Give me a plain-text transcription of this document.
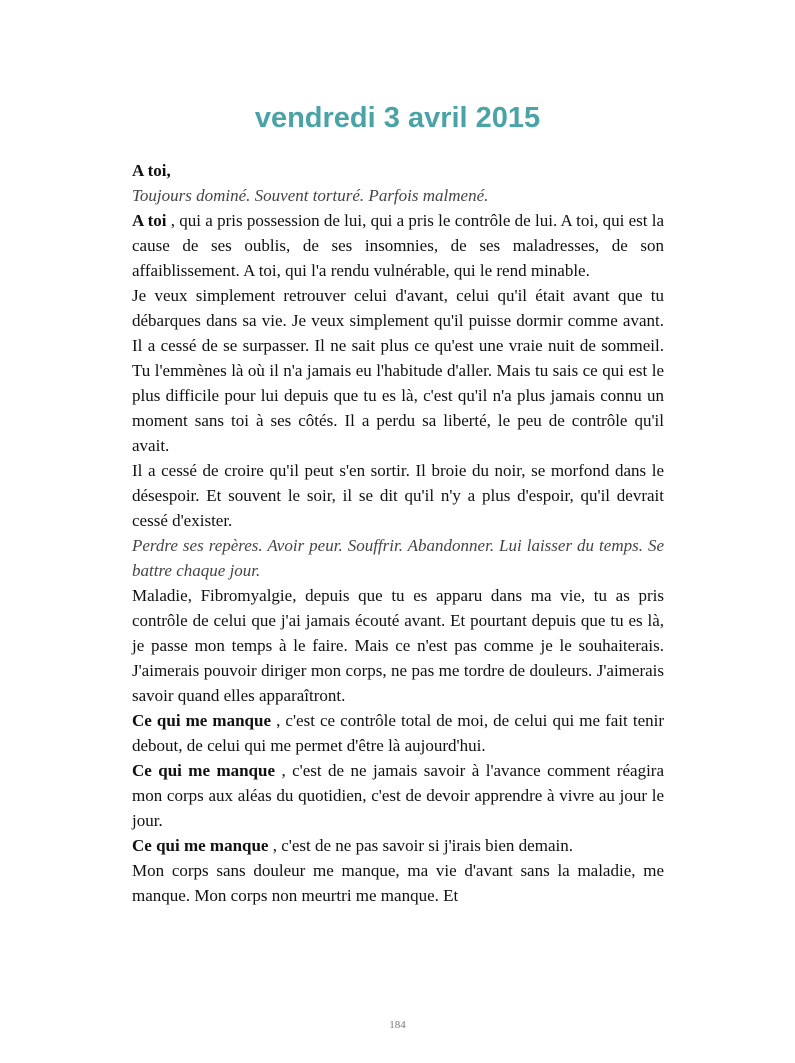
vendredi 3 avril 2015

A toi,

Toujours dominé. Souvent torturé. Parfois malmené.

A toi , qui a pris possession de lui, qui a pris le contrôle de lui. A toi, qui est la cause de ses oublis, de ses insomnies, de ses maladresses, de son affaiblissement. A toi, qui l'a rendu vulnérable, qui le rend minable.

Je veux simplement retrouver celui d'avant, celui qu'il était avant que tu débarques dans sa vie. Je veux simplement qu'il puisse dormir comme avant. Il a cessé de se surpasser. Il ne sait plus ce qu'est une vraie nuit de sommeil. Tu l'emmènes là où il n'a jamais eu l'habitude d'aller. Mais tu sais ce qui est le plus difficile pour lui depuis que tu es là, c'est qu'il n'a plus jamais connu un moment sans toi à ses côtés. Il a perdu sa liberté, le peu de contrôle qu'il avait.

Il a cessé de croire qu'il peut s'en sortir. Il broie du noir, se morfond dans le désespoir. Et souvent le soir, il se dit qu'il n'y a plus d'espoir, qu'il devrait cessé d'exister.

Perdre ses repères. Avoir peur. Souffrir. Abandonner. Lui laisser du temps. Se battre chaque jour.

Maladie, Fibromyalgie, depuis que tu es apparu dans ma vie, tu as pris contrôle de celui que j'ai jamais écouté avant. Et pourtant depuis que tu es là, je passe mon temps à le faire. Mais ce n'est pas comme je le souhaiterais. J'aimerais pouvoir diriger mon corps, ne pas me tordre de douleurs. J'aimerais savoir quand elles apparaîtront.

Ce qui me manque , c'est ce contrôle total de moi, de celui qui me fait tenir debout, de celui qui me permet d'être là aujourd'hui.

Ce qui me manque , c'est de ne jamais savoir à l'avance comment réagira mon corps aux aléas du quotidien, c'est de devoir apprendre à vivre au jour le jour.

Ce qui me manque , c'est de ne pas savoir si j'irais bien demain.

Mon corps sans douleur me manque, ma vie d'avant sans la maladie, me manque. Mon corps non meurtri me manque. Et

184
